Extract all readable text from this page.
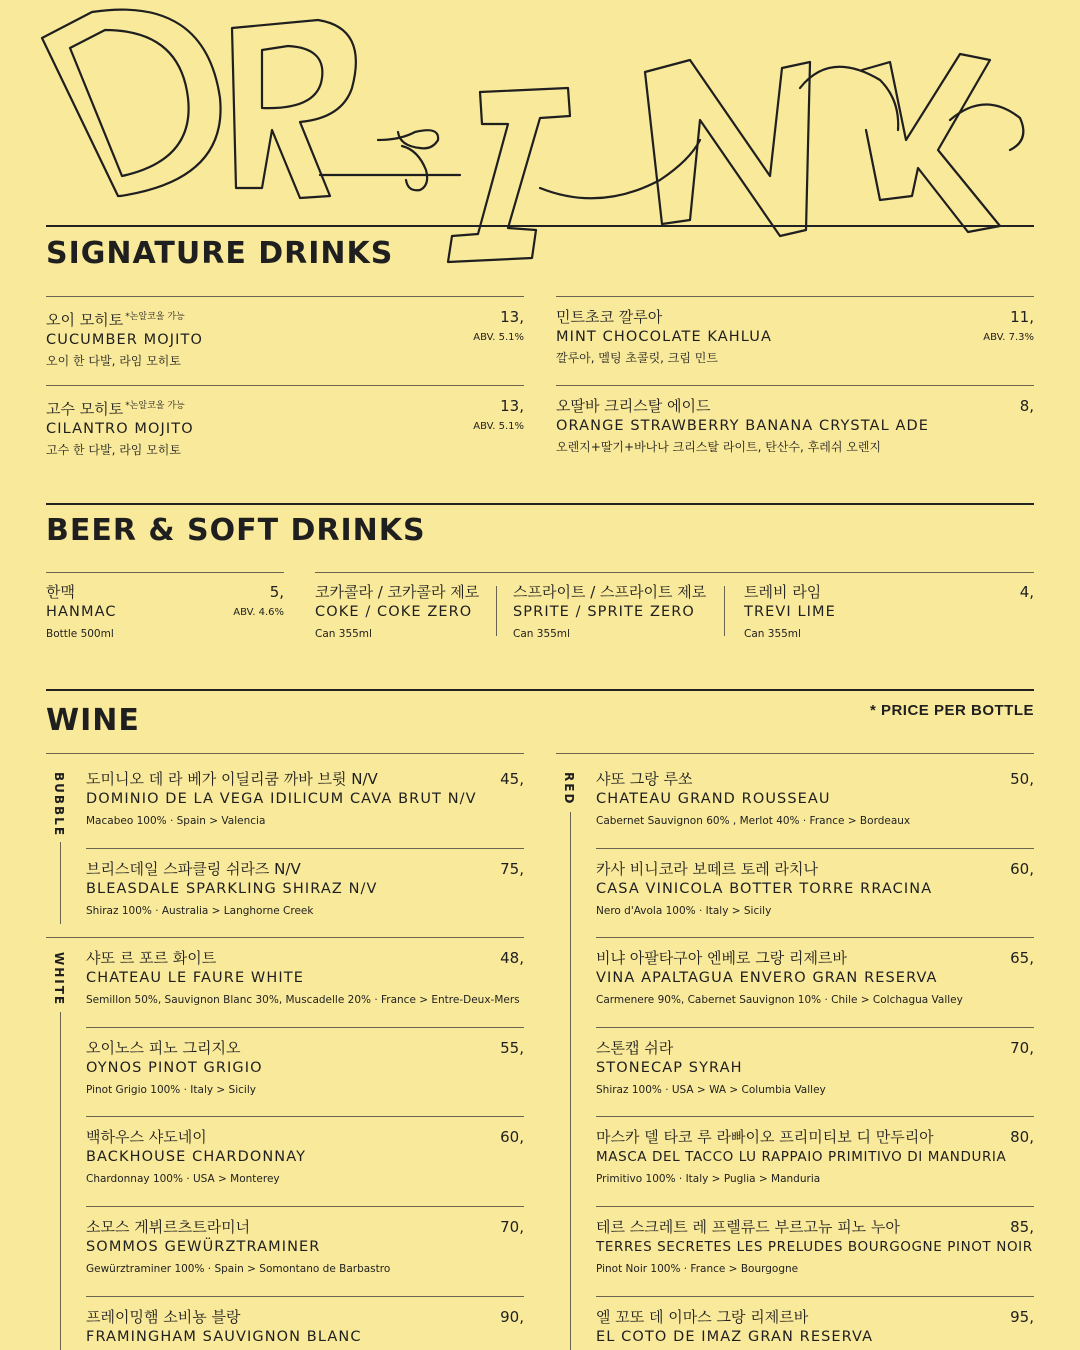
SIGNATURE DRINKS
오이 모히토 $^{*논알코올 가능}$
CUCUMBER MOJITO
오이 한 다발, 라임 모히토
13,
ABV. 5.1%
민트초코 깔루아
MINT CHOCOLATE KAHLUA
깔루아, 멜팅 초콜릿, 크림 민트
11,
ABV. 7.3%
고수 모히토 $^{*논알코올 가능}$
CILANTRO MOJITO
고수 한 다발, 라임 모히토
13,
ABV. 5.1%
오딸바 크리스탈 에이드
ORANGE STRAWBERRY BANANA CRYSTAL ADE
오렌지+딸기+바나나 크리스탈 라이트, 탄산수, 후레쉬 오렌지
8,
BEER & SOFT DRINKS
한맥
HANMAC
Bottle 500ml
5,
ABV. 4.6%
코카콜라 / 코카콜라 제로
COKE / COKE ZERO
Can 355ml
스프라이트 / 스프라이트 제로
SPRITE / SPRITE ZERO
Can 355ml
트레비 라임
TREVI LIME
Can 355ml
4,
WINE	* PRICE PER BOTTLE
BUBBLE
WHITE
RED
도미니오 데 라 베가 이딜리쿰 까바 브륏 N/V
DOMINIO DE LA VEGA IDILICUM CAVA BRUT N/V
Macabeo 100% · Spain > Valencia
45,
브리스데일 스파클링 쉬라즈 N/V
BLEASDALE SPARKLING SHIRAZ N/V
Shiraz 100% · Australia > Langhorne Creek
75,
샤또 르 포르 화이트
CHATEAU LE FAURE WHITE
Semillon 50%, Sauvignon Blanc 30%, Muscadelle 20% · France > Entre-Deux-Mers
48,
오이노스 피노 그리지오
OYNOS PINOT GRIGIO
Pinot Grigio 100% · Italy > Sicily
55,
백하우스 샤도네이
BACKHOUSE CHARDONNAY
Chardonnay 100% · USA > Monterey
60,
소모스 게뷔르츠트라미너
SOMMOS GEWÜRZTRAMINER
Gewürztraminer 100% · Spain > Somontano de Barbastro
70,
프레이밍햄 소비뇽 블랑
FRAMINGHAM SAUVIGNON BLANC
90,
샤또 그랑 루쏘
CHATEAU GRAND ROUSSEAU
Cabernet Sauvignon 60% , Merlot 40% · France > Bordeaux
50,
카사 비니코라 보떼르 토레 라치나
CASA VINICOLA BOTTER TORRE RRACINA
Nero d'Avola 100% · Italy > Sicily
60,
비냐 아팔타구아 엔베로 그랑 리제르바
VINA APALTAGUA ENVERO GRAN RESERVA
Carmenere 90%, Cabernet Sauvignon 10% · Chile > Colchagua Valley
65,
스톤캡 쉬라
STONECAP SYRAH
Shiraz 100% · USA > WA > Columbia Valley
70,
마스카 델 타코 루 라빠이오 프리미티보 디 만두리아
MASCA DEL TACCO LU RAPPAIO PRIMITIVO DI MANDURIA
Primitivo 100% · Italy > Puglia > Manduria
80,
테르 스크레트 레 프렐류드 부르고뉴 피노 누아
TERRES SECRETES LES PRELUDES BOURGOGNE PINOT NOIR
Pinot Noir 100% · France > Bourgogne
85,
엘 꼬또 데 이마스 그랑 리제르바
EL COTO DE IMAZ GRAN RESERVA
95,
